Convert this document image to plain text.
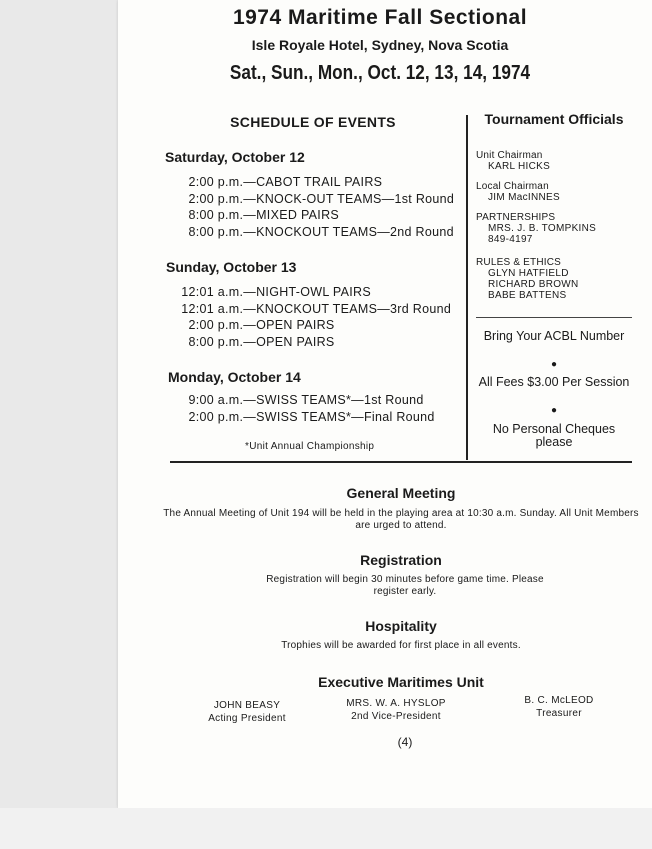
1974 Maritime Fall Sectional
Isle Royale Hotel, Sydney, Nova Scotia
Sat., Sun., Mon., Oct. 12, 13, 14, 1974
SCHEDULE OF EVENTS
Saturday, October 12
2:00 p.m.—CABOT TRAIL PAIRS
2:00 p.m.—KNOCK-OUT TEAMS—1st Round
8:00 p.m.—MIXED PAIRS
8:00 p.m.—KNOCKOUT TEAMS—2nd Round
Sunday, October 13
12:01 a.m.—NIGHT-OWL PAIRS
12:01 a.m.—KNOCKOUT TEAMS—3rd Round
2:00 p.m.—OPEN PAIRS
8:00 p.m.—OPEN PAIRS
Monday, October 14
9:00 a.m.—SWISS TEAMS*—1st Round
2:00 p.m.—SWISS TEAMS*—Final Round
*Unit Annual Championship
Tournament Officials
Unit Chairman
KARL HICKS
Local Chairman
JIM MacINNES
PARTNERSHIPS
MRS. J. B. TOMPKINS
849-4197
RULES & ETHICS
GLYN HATFIELD
RICHARD BROWN
BABE BATTENS
Bring Your ACBL Number
●
All Fees $3.00 Per Session
●
No Personal Cheques please
General Meeting
The Annual Meeting of Unit 194 will be held in the playing area at 10:30 a.m. Sunday. All Unit Members are urged to attend.
Registration
Registration will begin 30 minutes before game time. Please register early.
Hospitality
Trophies will be awarded for first place in all events.
Executive Maritimes Unit
JOHN BEASY
Acting President
MRS. W. A. HYSLOP
2nd Vice-President
B. C. McLEOD
Treasurer
(4)
